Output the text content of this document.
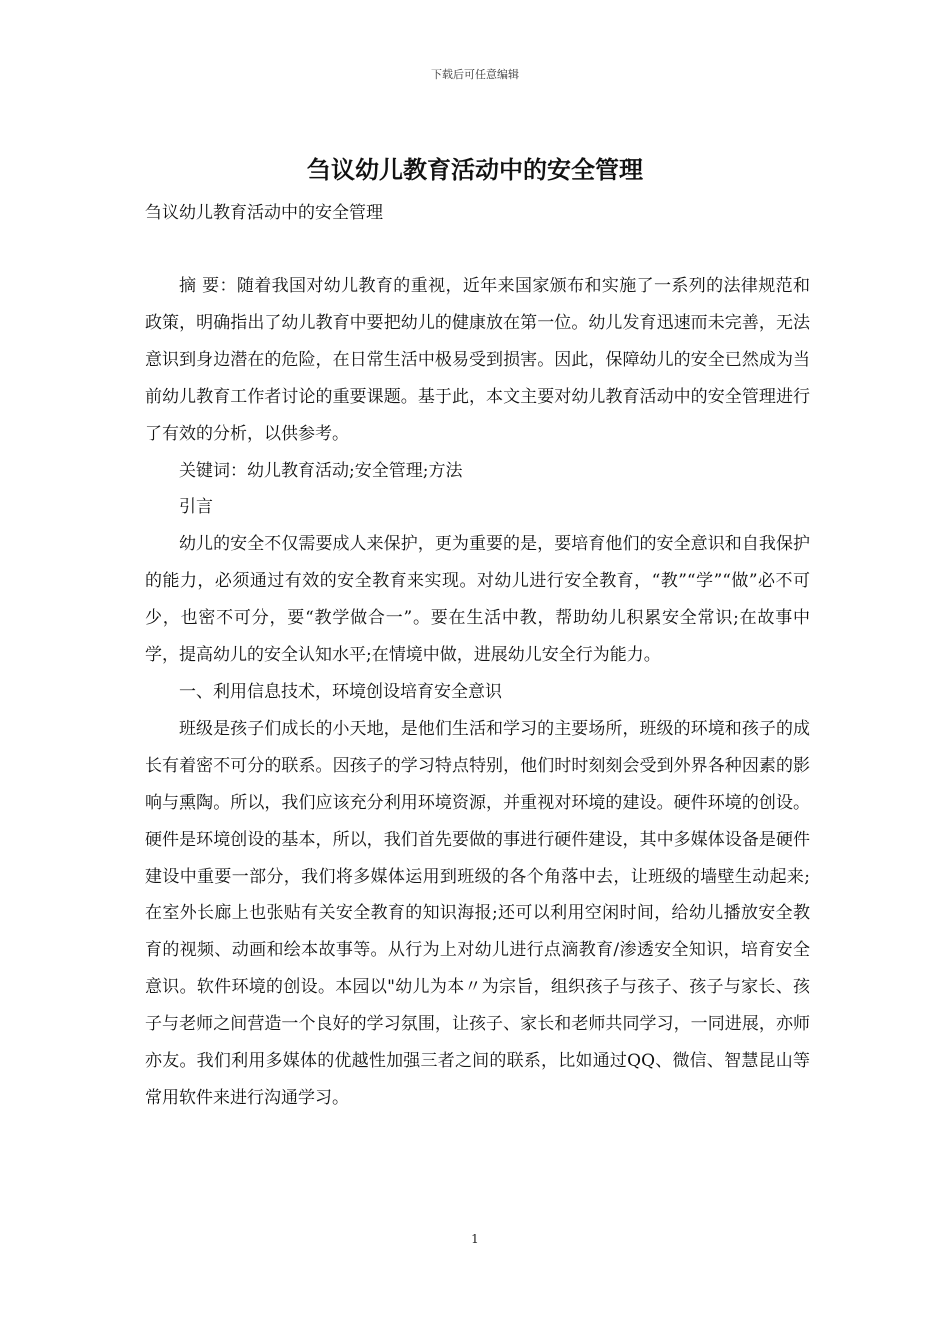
下载后可任意编辑
刍议幼儿教育活动中的安全管理
刍议幼儿教育活动中的安全管理

摘 要：随着我国对幼儿教育的重视，近年来国家颁布和实施了一系列的法律规范和政策，明确指出了幼儿教育中要把幼儿的健康放在第一位。幼儿发育迅速而未完善，无法意识到身边潜在的危险，在日常生活中极易受到损害。因此，保障幼儿的安全已然成为当前幼儿教育工作者讨论的重要课题。基于此，本文主要对幼儿教育活动中的安全管理进行了有效的分析，以供参考。

关键词：幼儿教育活动;安全管理;方法

引言

幼儿的安全不仅需要成人来保护，更为重要的是，要培育他们的安全意识和自我保护的能力，必须通过有效的安全教育来实现。对幼儿进行安全教育，“教”“学”“做”必不可少，也密不可分，要“教学做合一”。要在生活中教，帮助幼儿积累安全常识;在故事中学，提高幼儿的安全认知水平;在情境中做，进展幼儿安全行为能力。

一、利用信息技术，环境创设培育安全意识

班级是孩子们成长的小天地，是他们生活和学习的主要场所，班级的环境和孩子的成长有着密不可分的联系。因孩子的学习特点特别，他们时时刻刻会受到外界各种因素的影响与熏陶。所以，我们应该充分利用环境资源，并重视对环境的建设。硬件环境的创设。硬件是环境创设的基本，所以，我们首先要做的事进行硬件建设，其中多媒体设备是硬件建设中重要一部分，我们将多媒体运用到班级的各个角落中去，让班级的墙壁生动起来;在室外长廊上也张贴有关安全教育的知识海报;还可以利用空闲时间，给幼儿播放安全教育的视频、动画和绘本故事等。从行为上对幼儿进行点滴教育/渗透安全知识，培育安全意识。软件环境的创设。本园以"幼儿为本〃为宗旨，组织孩子与孩子、孩子与家长、孩子与老师之间营造一个良好的学习氛围，让孩子、家长和老师共同学习，一同进展，亦师亦友。我们利用多媒体的优越性加强三者之间的联系，比如通过QQ、微信、智慧昆山等常用软件来进行沟通学习。

1
